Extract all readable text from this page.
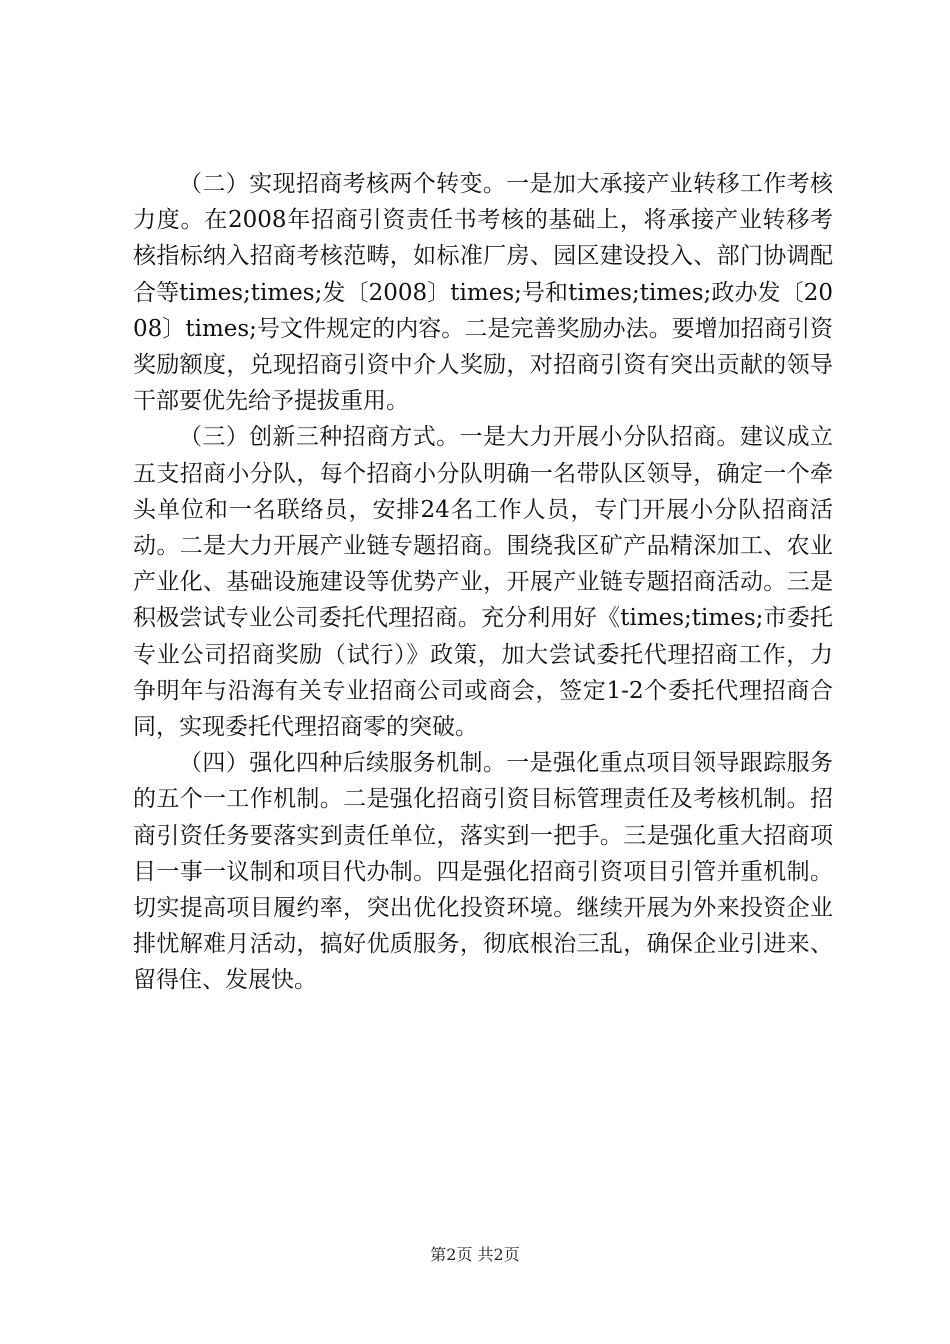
（二）实现招商考核两个转变。一是加大承接产业转移工作考核力度。在2008年招商引资责任书考核的基础上，将承接产业转移考核指标纳入招商考核范畴，如标准厂房、园区建设投入、部门协调配合等times;times;发〔2008〕times;号和times;times;政办发〔2008〕times;号文件规定的内容。二是完善奖励办法。要增加招商引资奖励额度，兑现招商引资中介人奖励，对招商引资有突出贡献的领导干部要优先给予提拔重用。

（三）创新三种招商方式。一是大力开展小分队招商。建议成立五支招商小分队，每个招商小分队明确一名带队区领导，确定一个牵头单位和一名联络员，安排24名工作人员，专门开展小分队招商活动。二是大力开展产业链专题招商。围绕我区矿产品精深加工、农业产业化、基础设施建设等优势产业，开展产业链专题招商活动。三是积极尝试专业公司委托代理招商。充分利用好《times;times;市委托专业公司招商奖励（试行）》政策，加大尝试委托代理招商工作，力争明年与沿海有关专业招商公司或商会，签定1-2个委托代理招商合同，实现委托代理招商零的突破。

（四）强化四种后续服务机制。一是强化重点项目领导跟踪服务的五个一工作机制。二是强化招商引资目标管理责任及考核机制。招商引资任务要落实到责任单位，落实到一把手。三是强化重大招商项目一事一议制和项目代办制。四是强化招商引资项目引管并重机制。切实提高项目履约率，突出优化投资环境。继续开展为外来投资企业排忧解难月活动，搞好优质服务，彻底根治三乱，确保企业引进来、留得住、发展快。

第2页 共2页
